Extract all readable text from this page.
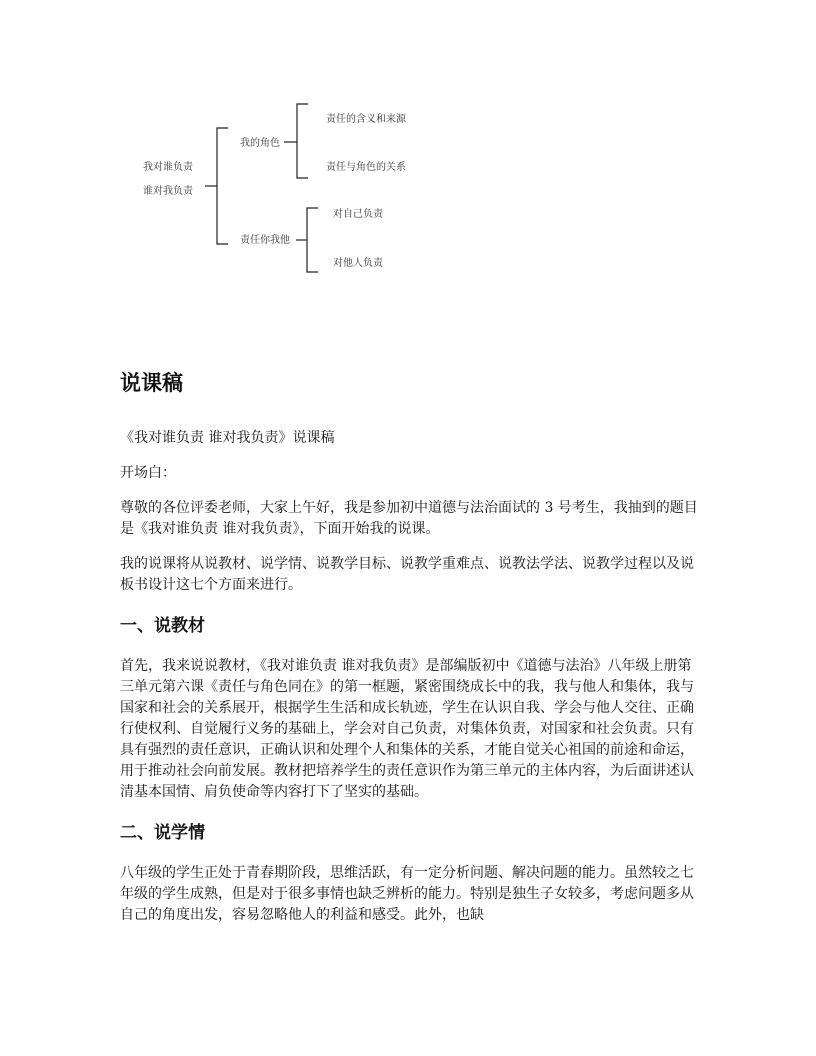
我对谁负责
谁对我负责
我的角色
责任你我他
责任的含义和来源
责任与角色的关系
对自己负责
对他人负责
说课稿

《我对谁负责 谁对我负责》说课稿

开场白：

尊敬的各位评委老师，大家上午好，我是参加初中道德与法治面试的 3 号考生，我抽到的题目是《我对谁负责 谁对我负责》，下面开始我的说课。

我的说课将从说教材、说学情、说教学目标、说教学重难点、说教法学法、说教学过程以及说板书设计这七个方面来进行。

一、说教材

首先，我来说说教材，《我对谁负责 谁对我负责》是部编版初中《道德与法治》八年级上册第三单元第六课《责任与角色同在》的第一框题，紧密围绕成长中的我，我与他人和集体，我与国家和社会的关系展开，根据学生生活和成长轨迹，学生在认识自我、学会与他人交往、正确行使权利、自觉履行义务的基础上，学会对自己负责，对集体负责，对国家和社会负责。只有具有强烈的责任意识，正确认识和处理个人和集体的关系，才能自觉关心祖国的前途和命运，用于推动社会向前发展。教材把培养学生的责任意识作为第三单元的主体内容，为后面讲述认清基本国情、肩负使命等内容打下了坚实的基础。

二、说学情

八年级的学生正处于青春期阶段，思维活跃，有一定分析问题、解决问题的能力。虽然较之七年级的学生成熟，但是对于很多事情也缺乏辨析的能力。特别是独生子女较多，考虑问题多从自己的角度出发，容易忽略他人的利益和感受。此外，也缺
